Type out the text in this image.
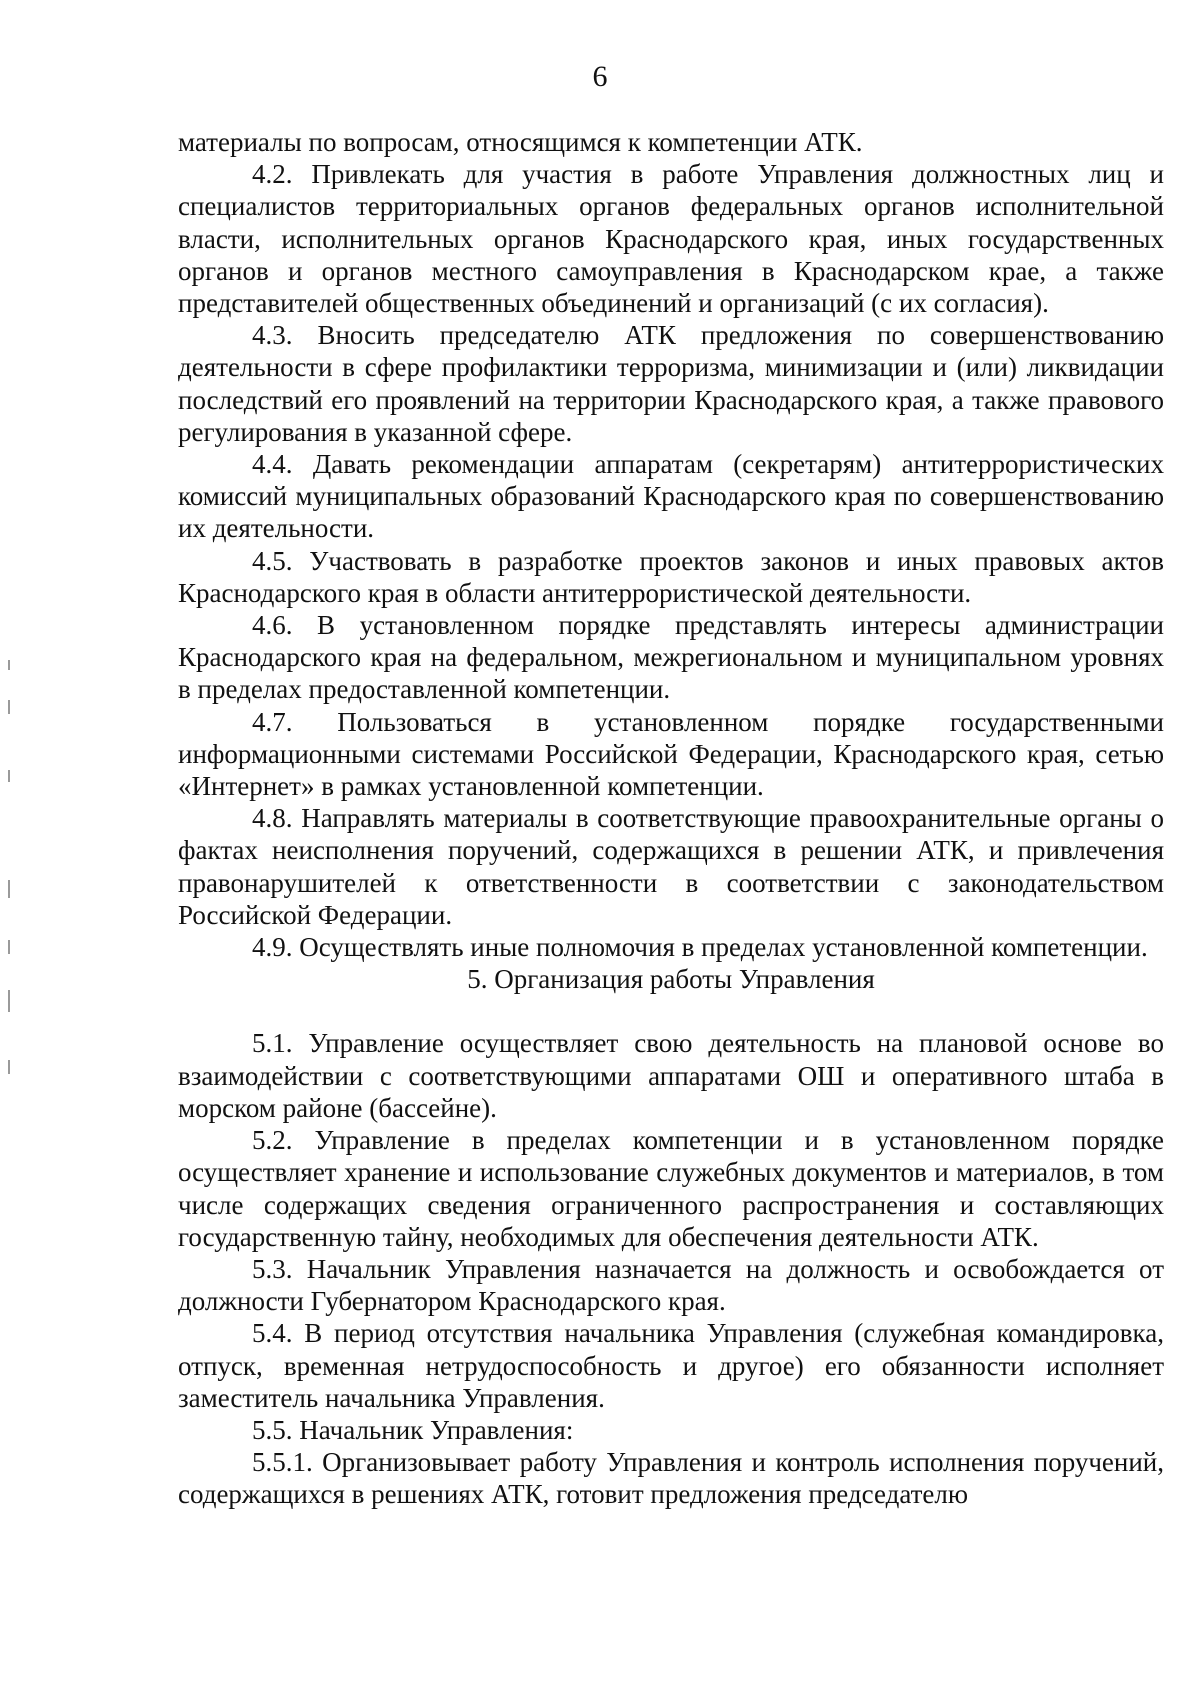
6

материалы по вопросам, относящимся к компетенции АТК.

4.2. Привлекать для участия в работе Управления должностных лиц и специалистов территориальных органов федеральных органов исполнительной власти, исполнительных органов Краснодарского края, иных государственных органов и органов местного самоуправления в Краснодарском крае, а также представителей общественных объединений и организаций (с их согласия).

4.3. Вносить председателю АТК предложения по совершенствованию деятельности в сфере профилактики терроризма, минимизации и (или) ликвидации последствий его проявлений на территории Краснодарского края, а также правового регулирования в указанной сфере.

4.4. Давать рекомендации аппаратам (секретарям) антитеррористических комиссий муниципальных образований Краснодарского края по совершенствованию их деятельности.

4.5. Участвовать в разработке проектов законов и иных правовых актов Краснодарского края в области антитеррористической деятельности.

4.6. В установленном порядке представлять интересы администрации Краснодарского края на федеральном, межрегиональном и муниципальном уровнях в пределах предоставленной компетенции.

4.7. Пользоваться в установленном порядке государственными информационными системами Российской Федерации, Краснодарского края, сетью «Интернет» в рамках установленной компетенции.

4.8. Направлять материалы в соответствующие правоохранительные органы о фактах неисполнения поручений, содержащихся в решении АТК, и привлечения правонарушителей к ответственности в соответствии с законодательством Российской Федерации.

4.9. Осуществлять иные полномочия в пределах установленной компетенции.

5. Организация работы Управления

5.1. Управление осуществляет свою деятельность на плановой основе во взаимодействии с соответствующими аппаратами ОШ и оперативного штаба в морском районе (бассейне).

5.2. Управление в пределах компетенции и в установленном порядке осуществляет хранение и использование служебных документов и материалов, в том числе содержащих сведения ограниченного распространения и составляющих государственную тайну, необходимых для обеспечения деятельности АТК.

5.3. Начальник Управления назначается на должность и освобождается от должности Губернатором Краснодарского края.

5.4. В период отсутствия начальника Управления (служебная командировка, отпуск, временная нетрудоспособность и другое) его обязанности исполняет заместитель начальника Управления.

5.5. Начальник Управления:

5.5.1. Организовывает работу Управления и контроль исполнения поручений, содержащихся в решениях АТК, готовит предложения председателю
